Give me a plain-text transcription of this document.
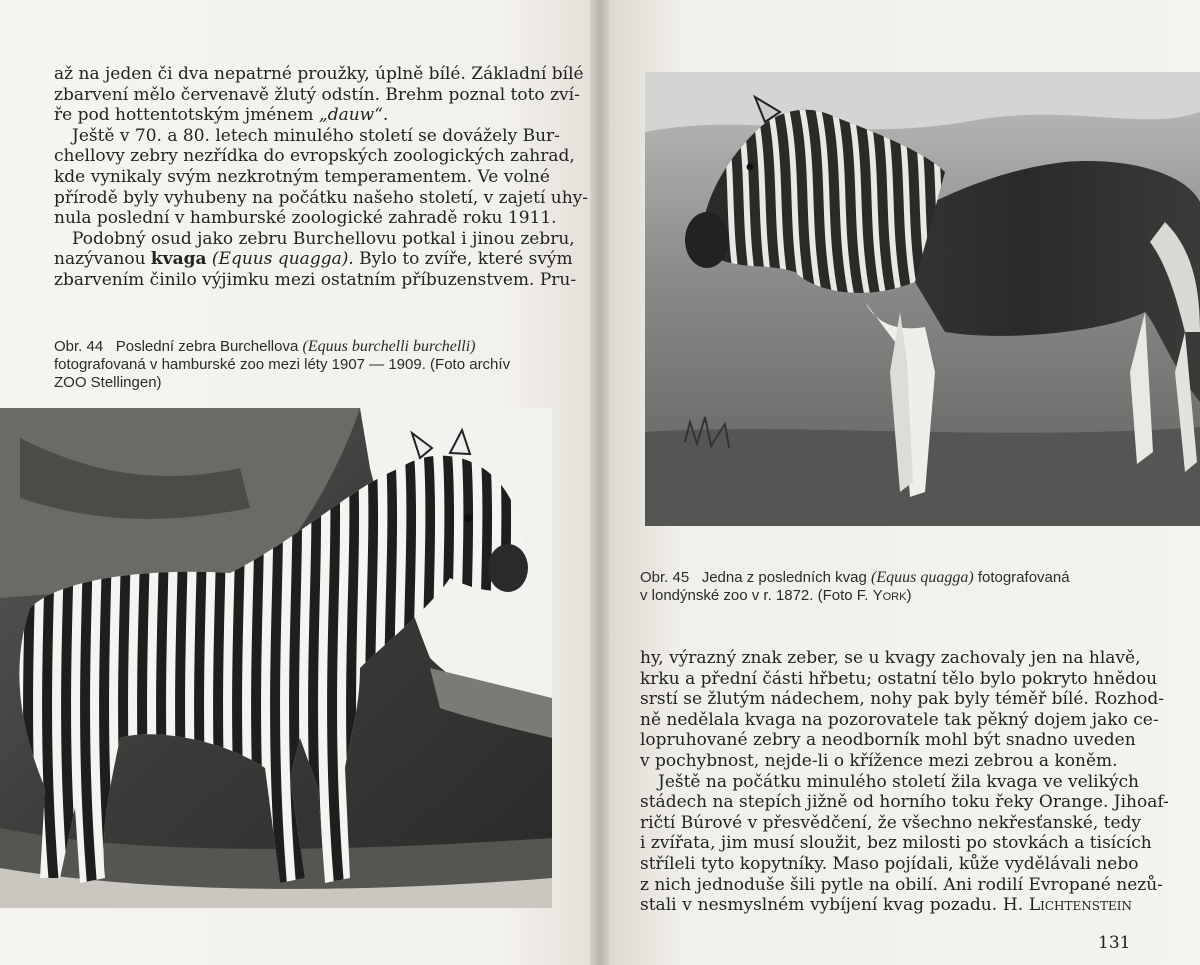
až na jeden či dva nepatrné proužky, úplně bílé. Základní bílé
zbarvení mělo červenavě žlutý odstín. Brehm poznal toto zví-
ře pod hottentotským jménem „dauw“.

Ještě v 70. a 80. letech minulého století se dovážely Bur-

chellovy zebry nezřídka do evropských zoologických zahrad,
kde vynikaly svým nezkrotným temperamentem. Ve volné
přírodě byly vyhubeny na počátku našeho století, v zajetí uhy-
nula poslední v hamburské zoologické zahradě roku 1911.

Podobný osud jako zebru Burchellovu potkal i jinou zebru,

nazývanou kvaga (Equus quagga). Bylo to zvíře, které svým
zbarvením činilo výjimku mezi ostatním příbuzenstvem. Pru-

Obr. 44 Poslední zebra Burchellova (Equus burchelli burchelli)
fotografovaná v hamburské zoo mezi léty 1907 — 1909. (Foto archív
ZOO Stellingen)
Obr. 45 Jedna z posledních kvag (Equus quagga) fotografovaná
v londýnské zoo v r. 1872. (Foto F. York)

hy, výrazný znak zeber, se u kvagy zachovaly jen na hlavě,
krku a přední části hřbetu; ostatní tělo bylo pokryto hnědou
srstí se žlutým nádechem, nohy pak byly téměř bílé. Rozhod-
ně nedělala kvaga na pozorovatele tak pěkný dojem jako ce-
lopruhované zebry a neodborník mohl být snadno uveden
v pochybnost, nejde-li o křížence mezi zebrou a koněm.

Ještě na počátku minulého století žila kvaga ve velikých

stádech na stepích jižně od horního toku řeky Orange. Jihoaf-
ričtí Búrové v přesvědčení, že všechno nekřesťanské, tedy
i zvířata, jim musí sloužit, bez milosti po stovkách a tisících
stříleli tyto kopytníky. Maso pojídali, kůže vydělávali nebo
z nich jednoduše šili pytle na obilí. Ani rodilí Evropané nezů-
stali v nesmyslném vybíjení kvag pozadu. H. Lichtenstein

131
